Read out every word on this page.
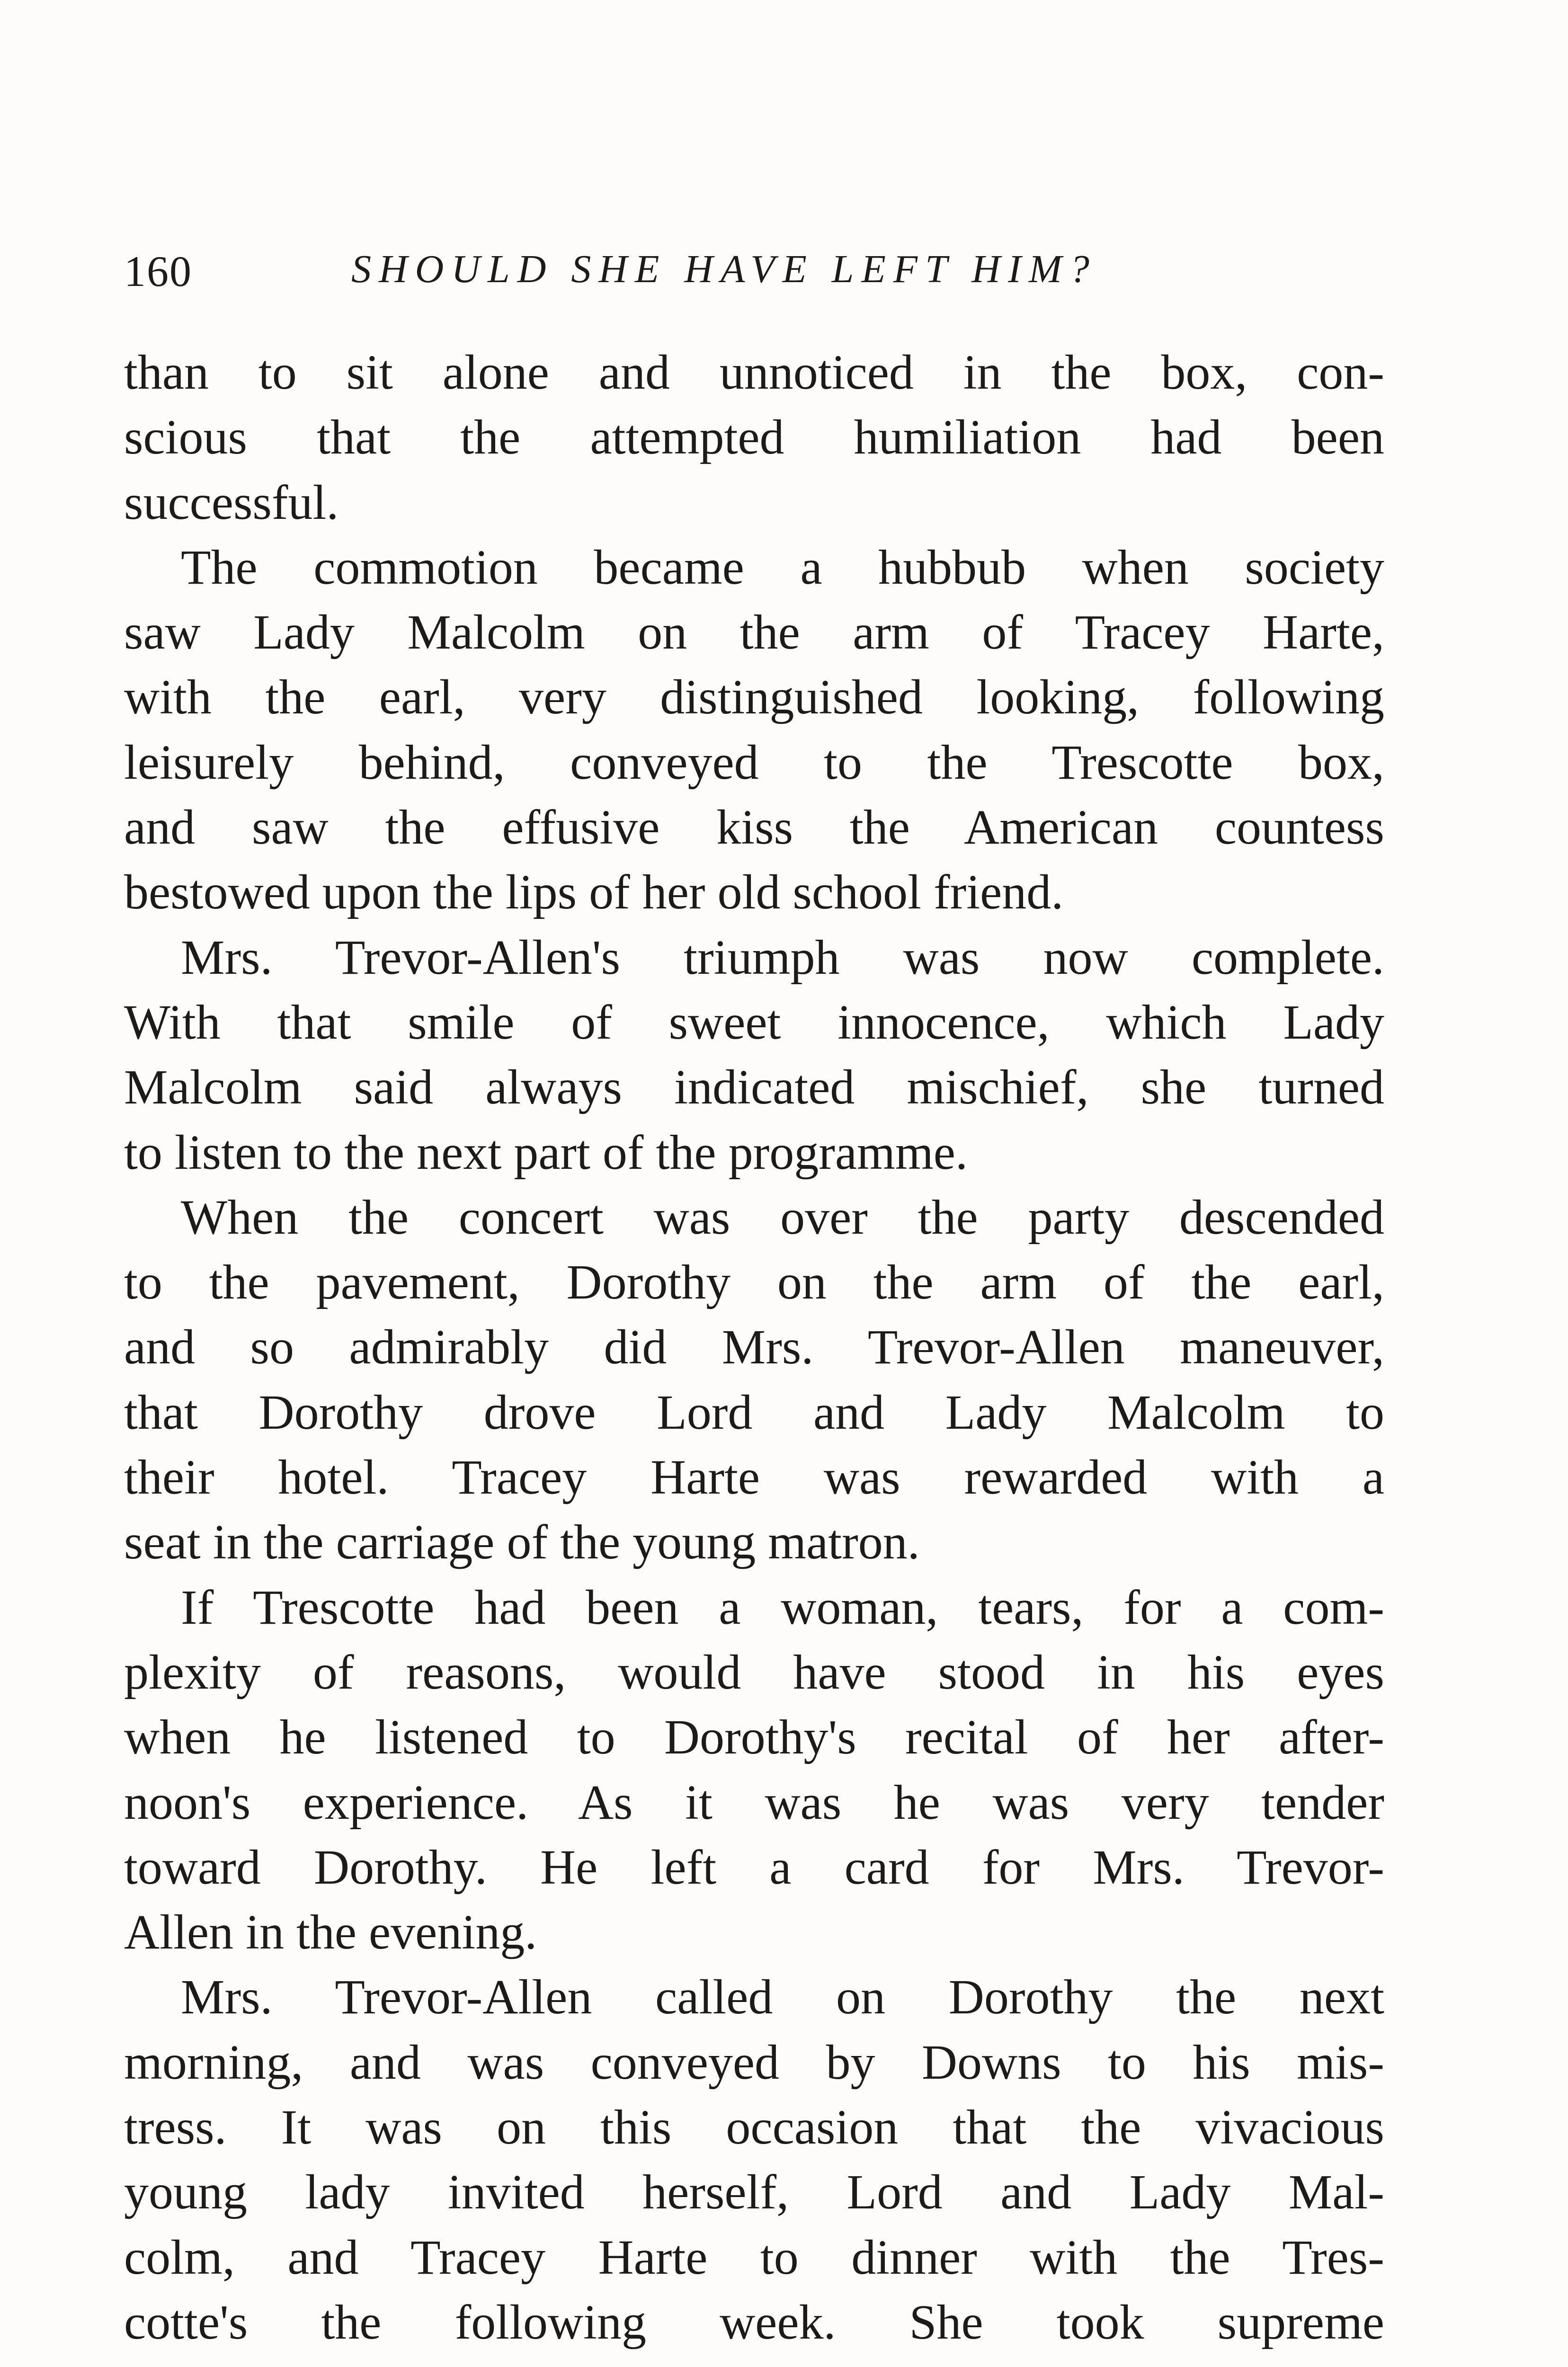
160	SHOULD SHE HAVE LEFT HIM?
than to sit alone and unnoticed in the box, con-
scious that the attempted humiliation had been
successful.
The commotion became a hubbub when society
saw Lady Malcolm on the arm of Tracey Harte,
with the earl, very distinguished looking, following
leisurely behind, conveyed to the Trescotte box,
and saw the effusive kiss the American countess
bestowed upon the lips of her old school friend.
Mrs. Trevor-Allen's triumph was now complete.
With that smile of sweet innocence, which Lady
Malcolm said always indicated mischief, she turned
to listen to the next part of the programme.
When the concert was over the party descended
to the pavement, Dorothy on the arm of the earl,
and so admirably did Mrs. Trevor-Allen maneuver,
that Dorothy drove Lord and Lady Malcolm to
their hotel. Tracey Harte was rewarded with a
seat in the carriage of the young matron.
If Trescotte had been a woman, tears, for a com-
plexity of reasons, would have stood in his eyes
when he listened to Dorothy's recital of her after-
noon's experience. As it was he was very tender
toward Dorothy. He left a card for Mrs. Trevor-
Allen in the evening.
Mrs. Trevor-Allen called on Dorothy the next
morning, and was conveyed by Downs to his mis-
tress. It was on this occasion that the vivacious
young lady invited herself, Lord and Lady Mal-
colm, and Tracey Harte to dinner with the Tres-
cotte's the following week. She took supreme
